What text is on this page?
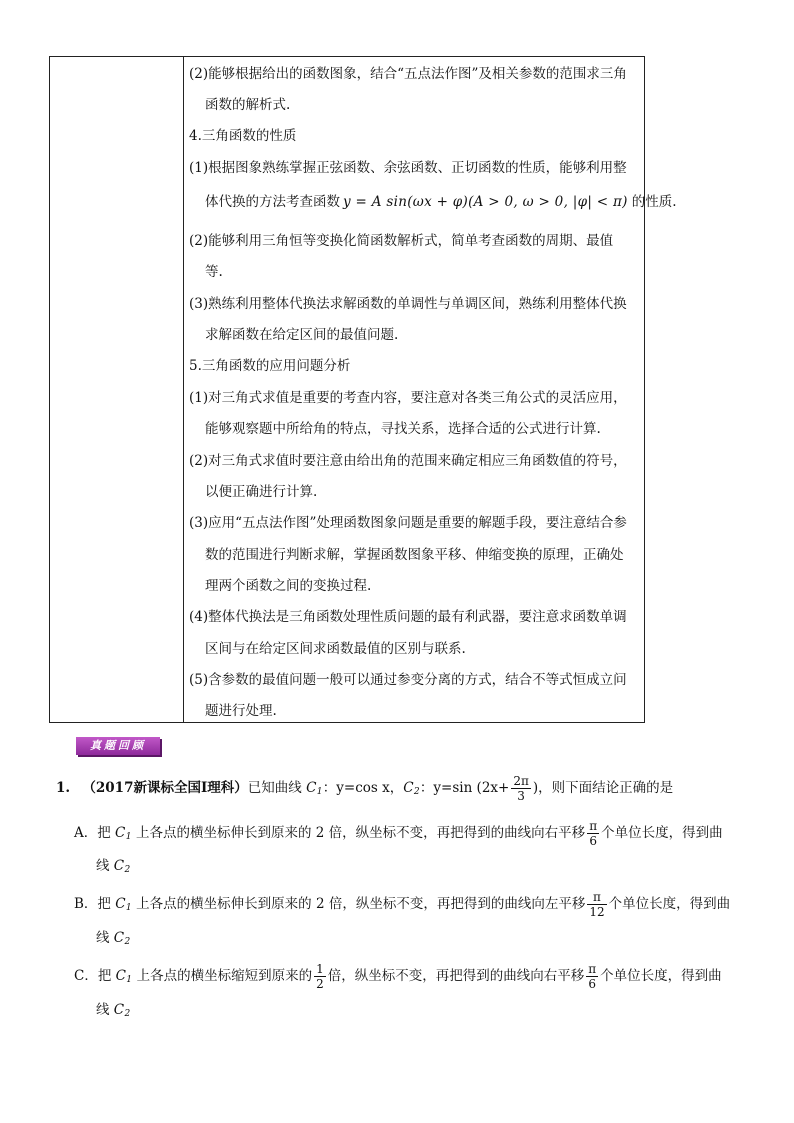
(2)能够根据给出的函数图象，结合“五点法作图”及相关参数的范围求三角
函数的解析式.
4.三角函数的性质
(1)根据图象熟练掌握正弦函数、余弦函数、正切函数的性质，能够利用整
体代换的方法考查函数 y = A sin(ωx + φ)(A > 0, ω > 0, |φ| < π) 的性质.
(2)能够利用三角恒等变换化简函数解析式，简单考查函数的周期、最值
等.
(3)熟练利用整体代换法求解函数的单调性与单调区间，熟练利用整体代换
求解函数在给定区间的最值问题.
5.三角函数的应用问题分析
(1)对三角式求值是重要的考查内容，要注意对各类三角公式的灵活应用，
能够观察题中所给角的特点，寻找关系，选择合适的公式进行计算.
(2)对三角式求值时要注意由给出角的范围来确定相应三角函数值的符号，
以便正确进行计算.
(3)应用“五点法作图”处理函数图象问题是重要的解题手段，要注意结合参
数的范围进行判断求解，掌握函数图象平移、伸缩变换的原理，正确处
理两个函数之间的变换过程.
(4)整体代换法是三角函数处理性质问题的最有利武器，要注意求函数单调
区间与在给定区间求函数最值的区别与联系.
(5)含参数的最值问题一般可以通过参变分离的方式，结合不等式恒成立问
题进行处理.
真题回顾
1. （2017新课标全国Ⅰ理科）已知曲线 $C_1$：y=cos x，$C_2$：y=sin ($2x+ \frac{2\pi}{3}$ )，则下面结论正确的是
A．把 $C_1$ 上各点的横坐标伸长到原来的 2 倍，纵坐标不变，再把得到的曲线向右平移 $\frac{\pi}{6}$ 个单位长度，得到曲
线 $C_2$
B．把 $C_1$ 上各点的横坐标伸长到原来的 2 倍，纵坐标不变，再把得到的曲线向左平移 $\frac{\pi}{12}$ 个单位长度，得到曲
线 $C_2$
C．把 $C_1$ 上各点的横坐标缩短到原来的 $\frac{1}{2}$ 倍，纵坐标不变，再把得到的曲线向右平移 $\frac{\pi}{6}$ 个单位长度，得到曲
线 $C_2$
